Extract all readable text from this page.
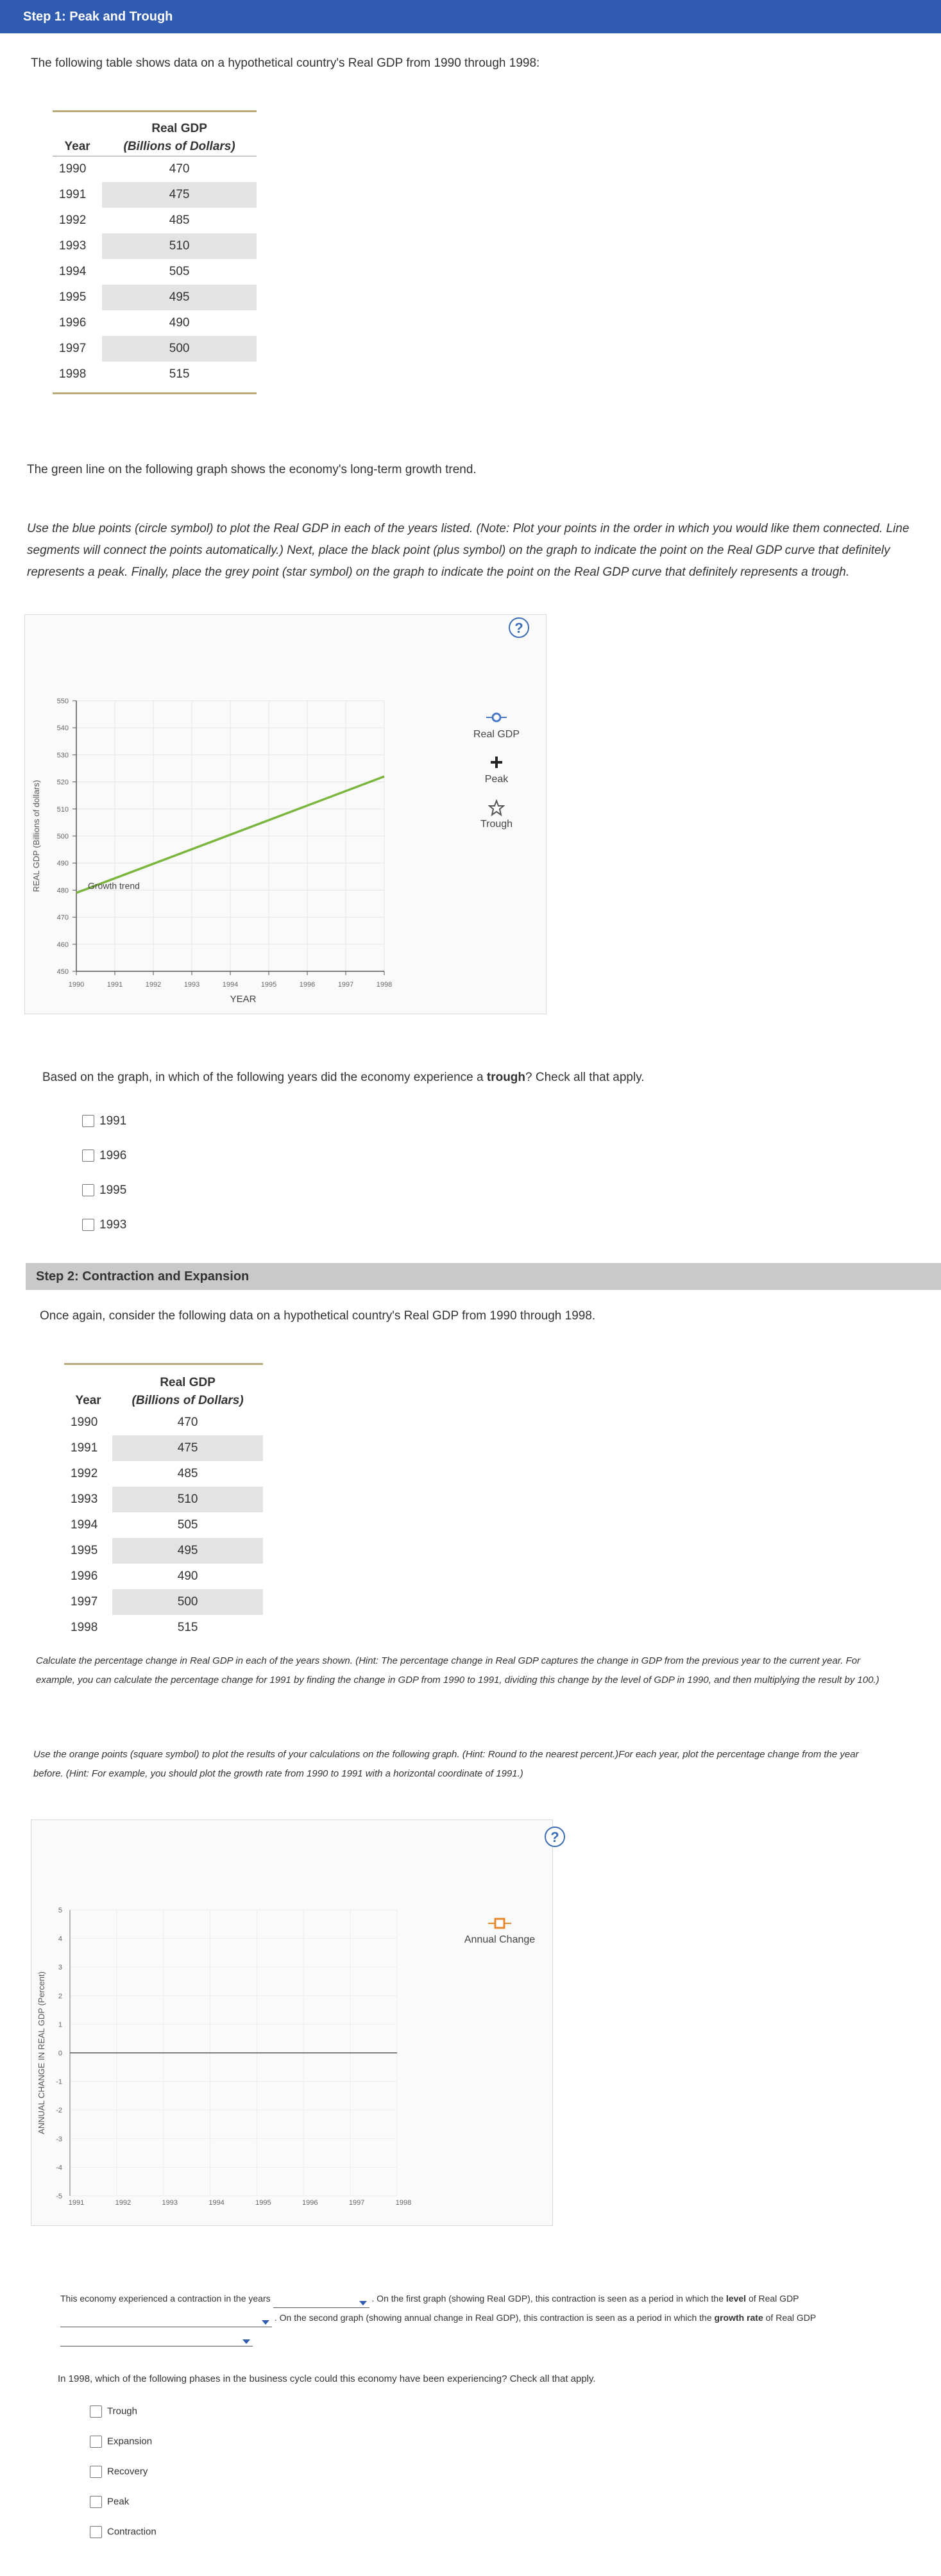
Step 1: Peak and Trough
The following table shows data on a hypothetical country's Real GDP from 1990 through 1998:
	Real GDP
Year	(Billions of Dollars)
1990	470
1991	475
1992	485
1993	510
1994	505
1995	495
1996	490
1997	500
1998	515
The green line on the following graph shows the economy's long-term growth trend.
Use the blue points (circle symbol) to plot the Real GDP in each of the years listed. (Note: Plot your points in the order in which you would like them connected. Line segments will connect the points automatically.) Next, place the black point (plus symbol) on the graph to indicate the point on the Real GDP curve that definitely represents a peak. Finally, place the grey point (star symbol) on the graph to indicate the point on the Real GDP curve that definitely represents a trough.
?
550
540
530
520
510
500
490
480
470
460
450
1990	1991	1992	1993	1994	1995	1996	1997	1998
Growth trend
REAL GDP (Billions of dollars)
YEAR
Real GDP
Peak
Trough
Based on the graph, in which of the following years did the economy experience a trough? Check all that apply.
1991
1996
1995
1993
Step 2: Contraction and Expansion
Once again, consider the following data on a hypothetical country's Real GDP from 1990 through 1998.
	Real GDP
Year	(Billions of Dollars)
1990	470
1991	475
1992	485
1993	510
1994	505
1995	495
1996	490
1997	500
1998	515
Calculate the percentage change in Real GDP in each of the years shown. (Hint: The percentage change in Real GDP captures the change in GDP from the previous year to the current year. For example, you can calculate the percentage change for 1991 by finding the change in GDP from 1990 to 1991, dividing this change by the level of GDP in 1990, and then multiplying the result by 100.)
Use the orange points (square symbol) to plot the results of your calculations on the following graph. (Hint: Round to the nearest percent.)For each year, plot the percentage change from the year before. (Hint: For example, you should plot the growth rate from 1990 to 1991 with a horizontal coordinate of 1991.)
?
5
4
3
2
1
0
-1
-2
-3
-4
-5
1991	1992	1993	1994	1995	1996	1997	1998
ANNUAL CHANGE IN REAL GDP (Percent)
Annual Change
This economy experienced a contraction in the years	. On the first graph (showing Real GDP), this contraction is seen as a period in which the level of Real GDP
. On the second graph (showing annual change in Real GDP), this contraction is seen as a period in which the growth rate of Real GDP
In 1998, which of the following phases in the business cycle could this economy have been experiencing? Check all that apply.
Trough
Expansion
Recovery
Peak
Contraction
